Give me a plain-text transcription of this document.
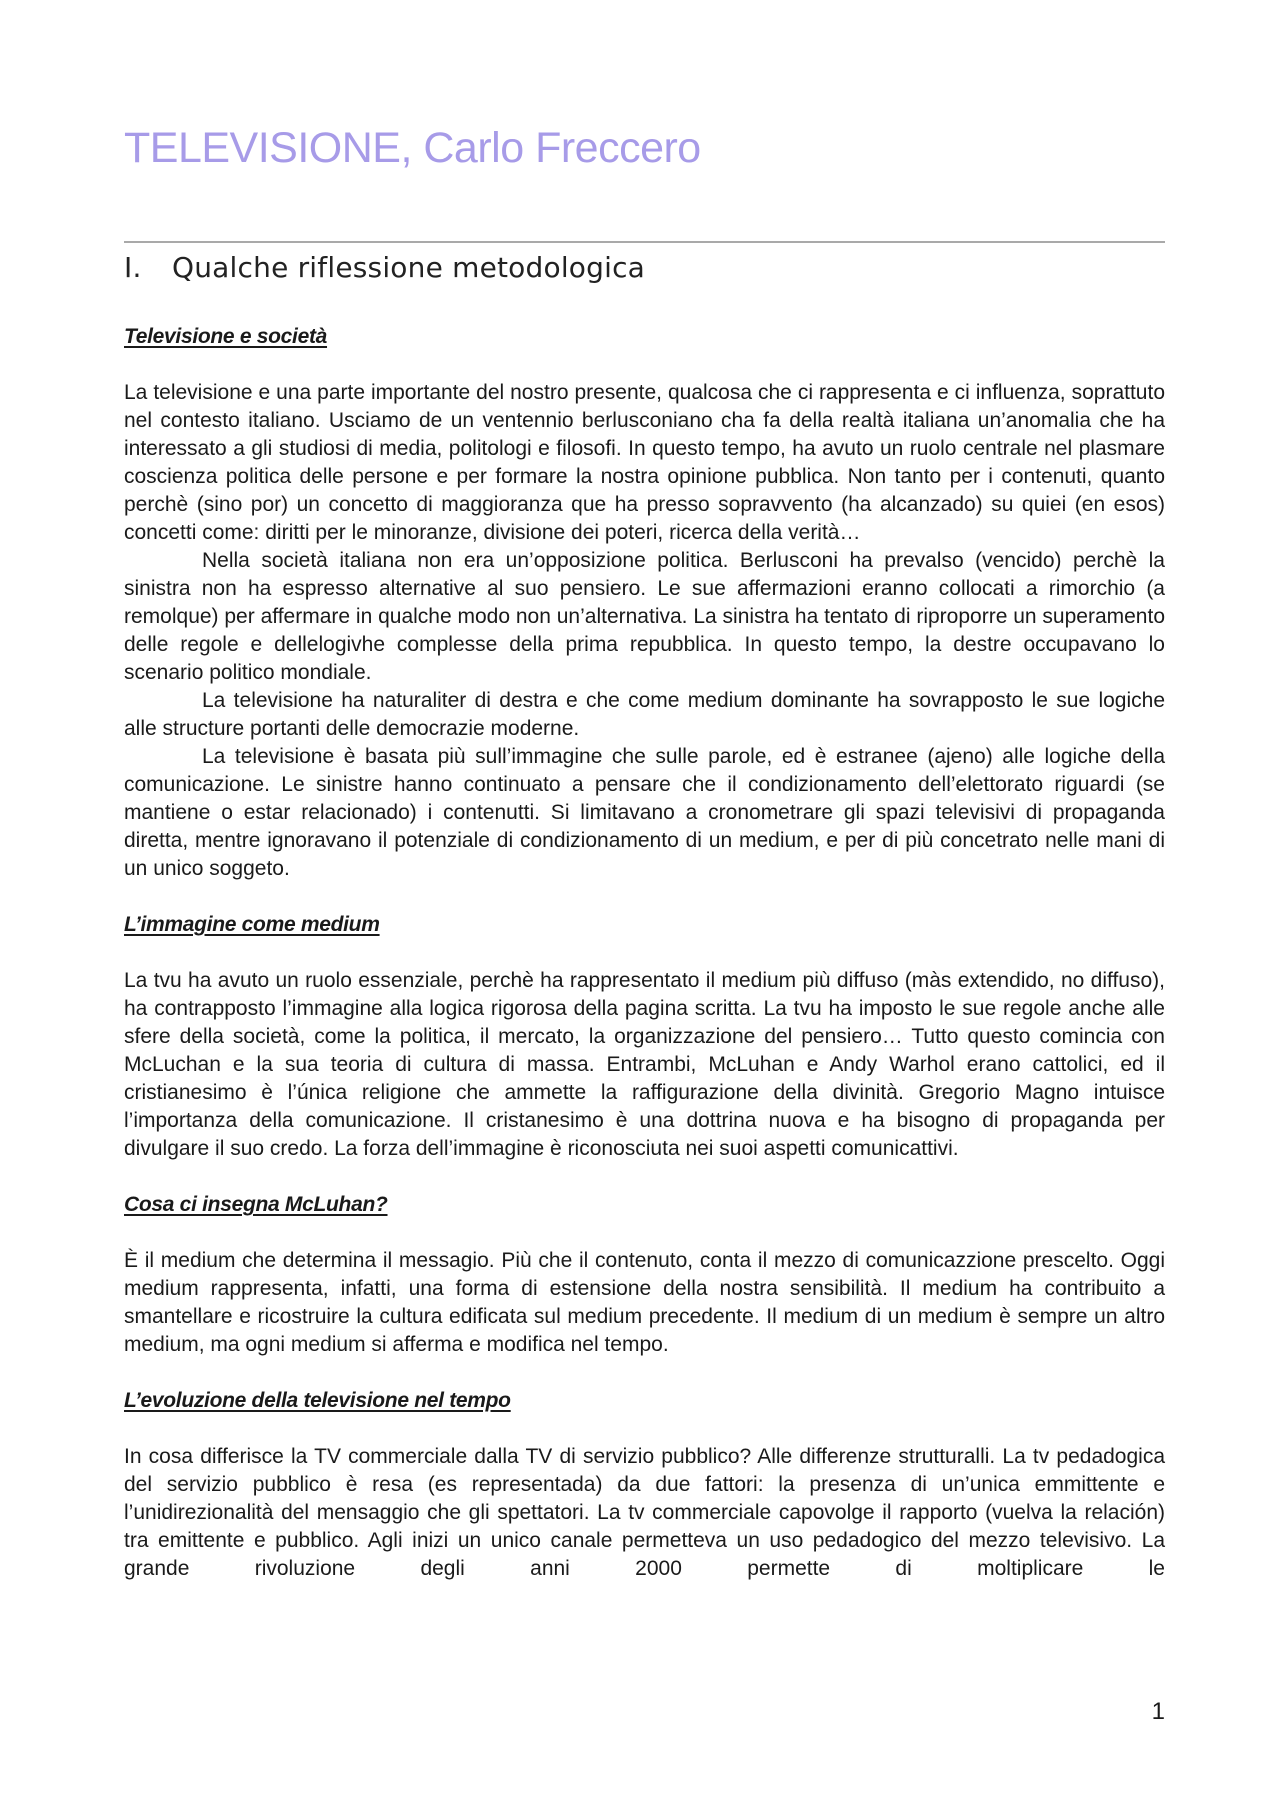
TELEVISIONE, Carlo Freccero
I. Qualche riflessione metodologica
Televisione e società

La televisione e una parte importante del nostro presente, qualcosa che ci rappresenta e ci influenza, soprattuto nel contesto italiano. Usciamo de un ventennio berlusconiano cha fa della realtà italiana un’anomalia che ha interessato a gli studiosi di media, politologi e filosofi. In questo tempo, ha avuto un ruolo centrale nel plasmare coscienza politica delle persone e per formare la nostra opinione pubblica. Non tanto per i contenuti, quanto perchè (sino por) un concetto di maggioranza que ha presso sopravvento (ha alcanzado) su quiei (en esos) concetti come: diritti per le minoranze, divisione dei poteri, ricerca della verità…

Nella società italiana non era un’opposizione politica. Berlusconi ha prevalso (vencido) perchè la sinistra non ha espresso alternative al suo pensiero. Le sue affermazioni eranno collocati a rimorchio (a remolque) per affermare in qualche modo non un’alternativa. La sinistra ha tentato di riproporre un superamento delle regole e dellelogivhe complesse della prima repubblica. In questo tempo, la destre occupavano lo scenario politico mondiale.

La televisione ha naturaliter di destra e che come medium dominante ha sovrapposto le sue logiche alle structure portanti delle democrazie moderne.

La televisione è basata più sull’immagine che sulle parole, ed è estranee (ajeno) alle logiche della comunicazione. Le sinistre hanno continuato a pensare che il condizionamento dell’elettorato riguardi (se mantiene o estar relacionado) i contenutti. Si limitavano a cronometrare gli spazi televisivi di propaganda diretta, mentre ignoravano il potenziale di condizionamento di un medium, e per di più concetrato nelle mani di un unico soggeto.

L’immagine come medium

La tvu ha avuto un ruolo essenziale, perchè ha rappresentato il medium più diffuso (màs extendido, no diffuso), ha contrapposto l’immagine alla logica rigorosa della pagina scritta. La tvu ha imposto le sue regole anche alle sfere della società, come la politica, il mercato, la organizzazione del pensiero… Tutto questo comincia con McLuchan e la sua teoria di cultura di massa. Entrambi, McLuhan e Andy Warhol erano cattolici, ed il cristianesimo è l’única religione che ammette la raffigurazione della divinità. Gregorio Magno intuisce l’importanza della comunicazione. Il cristanesimo è una dottrina nuova e ha bisogno di propaganda per divulgare il suo credo. La forza dell’immagine è riconosciuta nei suoi aspetti comunicattivi.

Cosa ci insegna McLuhan?

È il medium che determina il messagio. Più che il contenuto, conta il mezzo di comunicazzione prescelto. Oggi medium rappresenta, infatti, una forma di estensione della nostra sensibilità. Il medium ha contribuito a smantellare e ricostruire la cultura edificata sul medium precedente. Il medium di un medium è sempre un altro medium, ma ogni medium si afferma e modifica nel tempo.

L’evoluzione della televisione nel tempo

In cosa differisce la TV commerciale dalla TV di servizio pubblico? Alle differenze strutturalli. La tv pedadogica del servizio pubblico è resa (es representada) da due fattori: la presenza di un’unica emmittente e l’unidirezionalità del mensaggio che gli spettatori. La tv commerciale capovolge il rapporto (vuelva la relación) tra emittente e pubblico. Agli inizi un unico canale permetteva un uso pedadogico del mezzo televisivo. La grande rivoluzione degli anni 2000 permette di moltiplicare le

1
